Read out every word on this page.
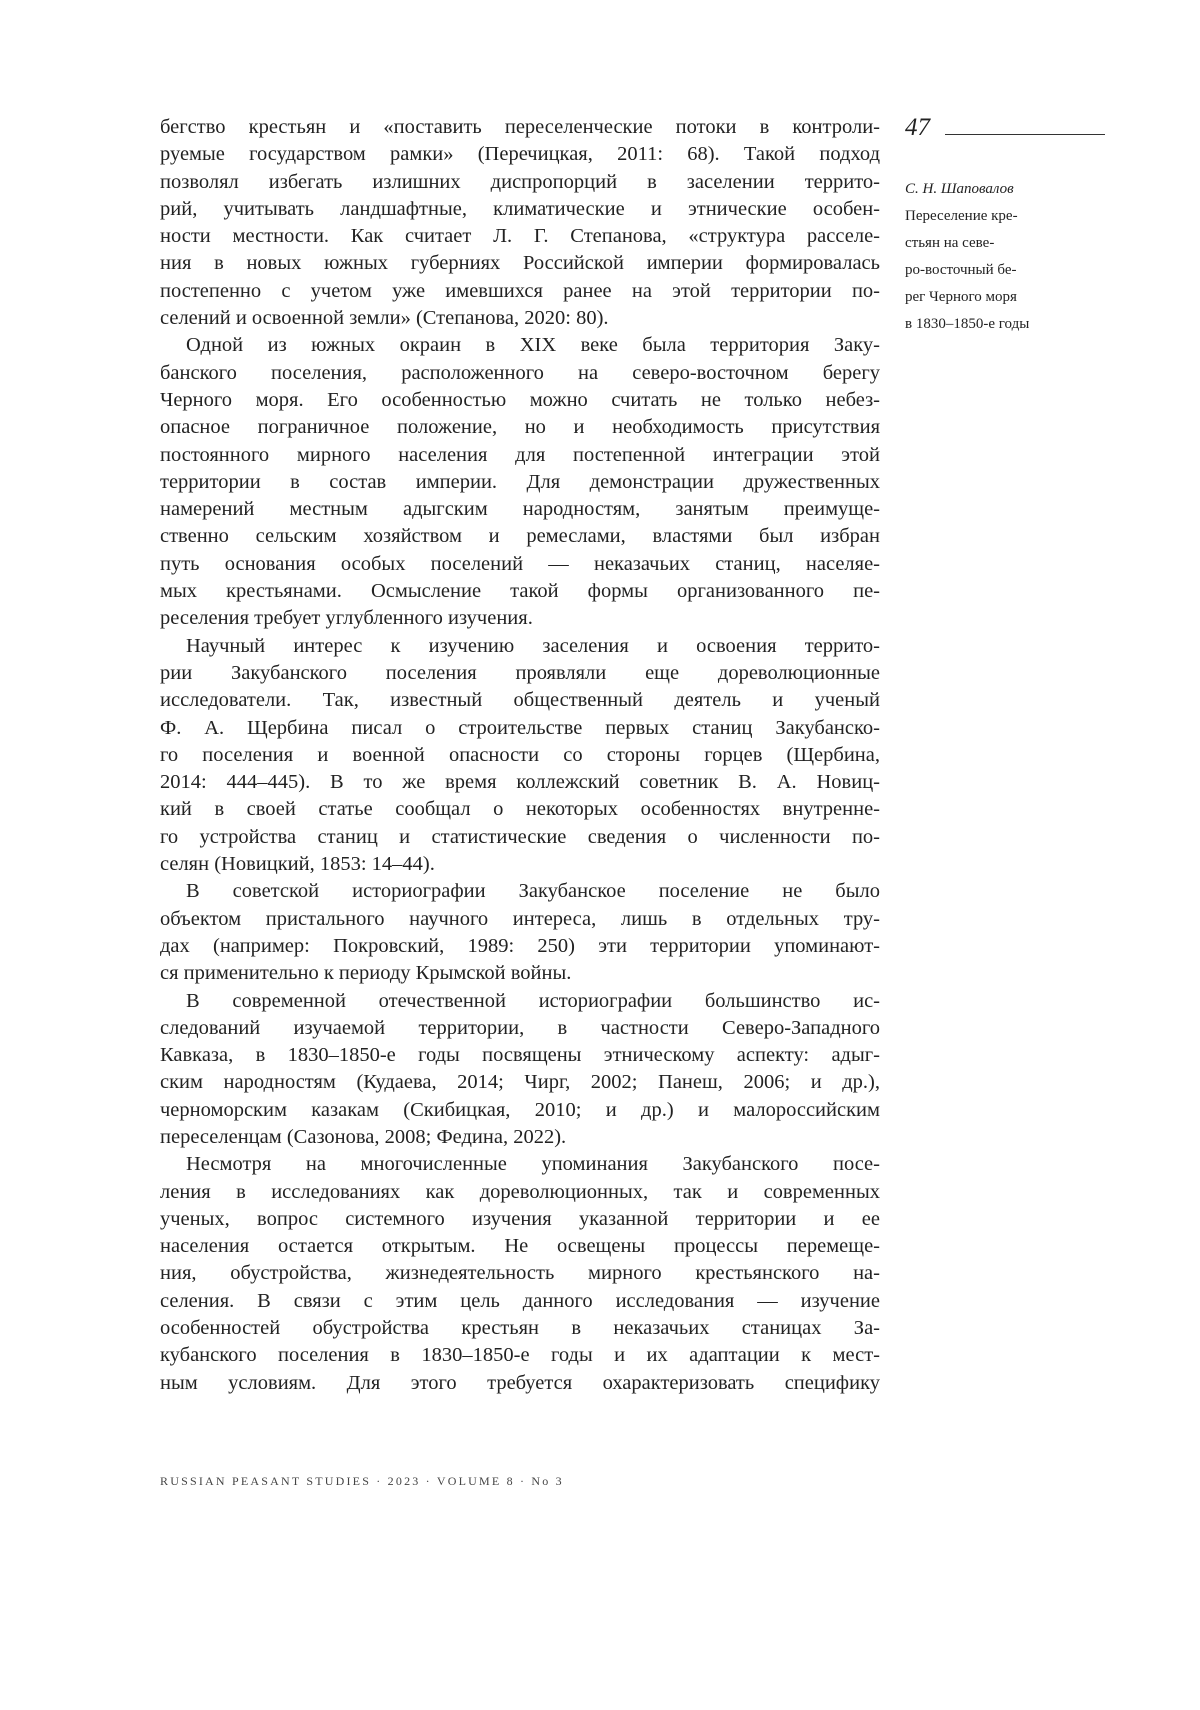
бегство крестьян и «поставить переселенческие потоки в контроли-
руемые государством рамки» (Перечицкая, 2011: 68). Такой подход
позволял избегать излишних диспропорций в заселении террито-
рий, учитывать ландшафтные, климатические и этнические особен-
ности местности. Как считает Л. Г. Степанова, «структура расселе-
ния в новых южных губерниях Российской империи формировалась
постепенно с учетом уже имевшихся ранее на этой территории по-
селений и освоенной земли» (Степанова, 2020: 80).
Одной из южных окраин в XIX веке была территория Заку-
банского поселения, расположенного на северо-восточном берегу
Черного моря. Его особенностью можно считать не только небез-
опасное пограничное положение, но и необходимость присутствия
постоянного мирного населения для постепенной интеграции этой
территории в состав империи. Для демонстрации дружественных
намерений местным адыгским народностям, занятым преимуще-
ственно сельским хозяйством и ремеслами, властями был избран
путь основания особых поселений — неказачьих станиц, населяе-
мых крестьянами. Осмысление такой формы организованного пе-
реселения требует углубленного изучения.
Научный интерес к изучению заселения и освоения террито-
рии Закубанского поселения проявляли еще дореволюционные
исследователи. Так, известный общественный деятель и ученый
Ф. А. Щербина писал о строительстве первых станиц Закубанско-
го поселения и военной опасности со стороны горцев (Щербина,
2014: 444–445). В то же время коллежский советник В. А. Новиц-
кий в своей статье сообщал о некоторых особенностях внутренне-
го устройства станиц и статистические сведения о численности по-
селян (Новицкий, 1853: 14–44).
В советской историографии Закубанское поселение не было
объектом пристального научного интереса, лишь в отдельных тру-
дах (например: Покровский, 1989: 250) эти территории упоминают-
ся применительно к периоду Крымской войны.
В современной отечественной историографии большинство ис-
следований изучаемой территории, в частности Северо-Западного
Кавказа, в 1830–1850-е годы посвящены этническому аспекту: адыг-
ским народностям (Кудаева, 2014; Чирг, 2002; Панеш, 2006; и др.),
черноморским казакам (Скибицкая, 2010; и др.) и малороссийским
переселенцам (Сазонова, 2008; Федина, 2022).
Несмотря на многочисленные упоминания Закубанского посе-
ления в исследованиях как дореволюционных, так и современных
ученых, вопрос системного изучения указанной территории и ее
населения остается открытым. Не освещены процессы перемеще-
ния, обустройства, жизнедеятельность мирного крестьянского на-
селения. В связи с этим цель данного исследования — изучение
особенностей обустройства крестьян в неказачьих станицах За-
кубанского поселения в 1830–1850-е годы и их адаптации к мест-
ным условиям. Для этого требуется охарактеризовать специфику
47
С. Н. Шаповалов
Переселение кре-
стьян на севе-
ро-восточный бе-
рег Черного моря
в 1830–1850-е годы
RUSSIAN PEASANT STUDIES · 2023 · VOLUME 8 · No 3
